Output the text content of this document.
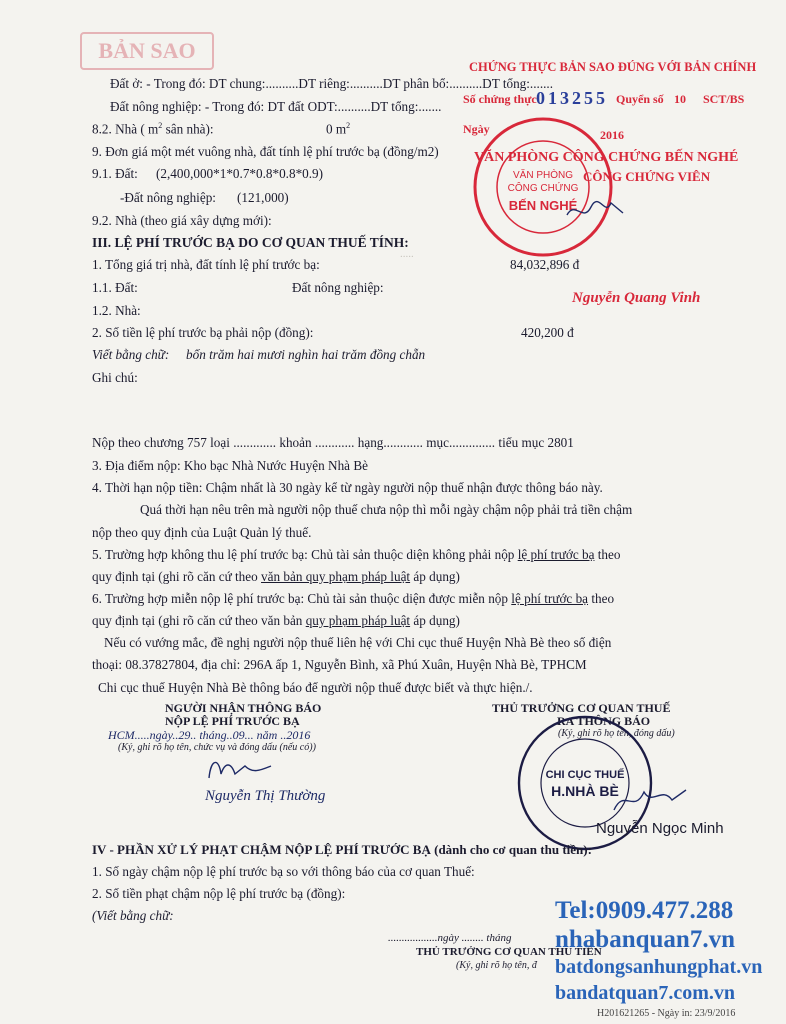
BẢN SAO
Đất ở: - Trong đó: DT chung:..........DT riêng:..........DT phân bổ:..........DT tổng:.......
Đất nông nghiệp: - Trong đó: DT đất ODT:..........DT tổng:.......
8.2. Nhà ( $m^2$ sân nhà):	0 $m^2$
9. Đơn giá một mét vuông nhà, đất tính lệ phí trước bạ (đồng/m2)
9.1. Đất: (2,400,000*1*0.7*0.8*0.8*0.9)
-Đất nông nghiệp: (121,000)
9.2. Nhà (theo giá xây dựng mới):
CHỨNG THỰC BẢN SAO ĐÚNG VỚI BẢN CHÍNH
Số chứng thực 013255 Quyển số 10 SCT/BS
Ngày	2016
VĂN PHÒNG CÔNG CHỨNG BẾN NGHÉ
CÔNG CHỨNG VIÊN
VĂN PHÒNG
CÔNG CHỨNG
BẾN NGHÉ
Nguyễn Quang Vinh
.....
III. LỆ PHÍ TRƯỚC BẠ DO CƠ QUAN THUẾ TÍNH:
1. Tổng giá trị nhà, đất tính lệ phí trước bạ:	84,032,896 đ
1.1. Đất:	Đất nông nghiệp:
1.2. Nhà:
2. Số tiền lệ phí trước bạ phải nộp (đồng):	420,200 đ
Viết bằng chữ: bốn trăm hai mươi nghìn hai trăm đồng chẵn
Ghi chú:
Nộp theo chương 757 loại ............. khoản ............ hạng............ mục.............. tiểu mục 2801
3. Địa điểm nộp: Kho bạc Nhà Nước Huyện Nhà Bè
4. Thời hạn nộp tiền: Chậm nhất là 30 ngày kể từ ngày người nộp thuế nhận được thông báo này.
Quá thời hạn nêu trên mà người nộp thuế chưa nộp thì mỗi ngày chậm nộp phải trả tiền chậm
nộp theo quy định của Luật Quản lý thuế.
5. Trường hợp không thu lệ phí trước bạ: Chủ tài sản thuộc diện không phải nộp lệ phí trước bạ theo
quy định tại (ghi rõ căn cứ theo văn bản quy phạm pháp luật áp dụng)
6. Trường hợp miễn nộp lệ phí trước bạ: Chủ tài sản thuộc diện được miễn nộp lệ phí trước bạ theo
quy định tại (ghi rõ căn cứ theo văn bản quy phạm pháp luật áp dụng)
Nếu có vướng mắc, đề nghị người nộp thuế liên hệ với Chi cục thuế Huyện Nhà Bè theo số điện
thoại: 08.37827804, địa chỉ: 296A ấp 1, Nguyễn Bình, xã Phú Xuân, Huyện Nhà Bè, TPHCM
Chi cục thuế Huyện Nhà Bè thông báo để người nộp thuế được biết và thực hiện./.
NGƯỜI NHẬN THÔNG BÁO
NỘP LỆ PHÍ TRƯỚC BẠ
HCM.....ngày..29.. tháng..09... năm ..2016
(Ký, ghi rõ họ tên, chức vụ và đóng dấu (nếu có))
Nguyễn Thị Thường
THỦ TRƯỞNG CƠ QUAN THUẾ
RA THÔNG BÁO
(Ký, ghi rõ họ tên, đóng dấu)
CHI CỤC THUẾ
H.NHÀ BÈ
Nguyễn Ngọc Minh
IV - PHẦN XỬ LÝ PHẠT CHẬM NỘP LỆ PHÍ TRƯỚC BẠ (dành cho cơ quan thu tiền):
1. Số ngày chậm nộp lệ phí trước bạ so với thông báo của cơ quan Thuế:
2. Số tiền phạt chậm nộp lệ phí trước bạ (đồng):
(Viết bằng chữ:
..................ngày ........ tháng
THỦ TRƯỞNG CƠ QUAN THU TIỀN
(Ký, ghi rõ họ tên, đ
Tel:0909.477.288
nhabanquan7.vn
batdongsanhungphat.vn
bandatquan7.com.vn
H201621265 - Ngày in: 23/9/2016
